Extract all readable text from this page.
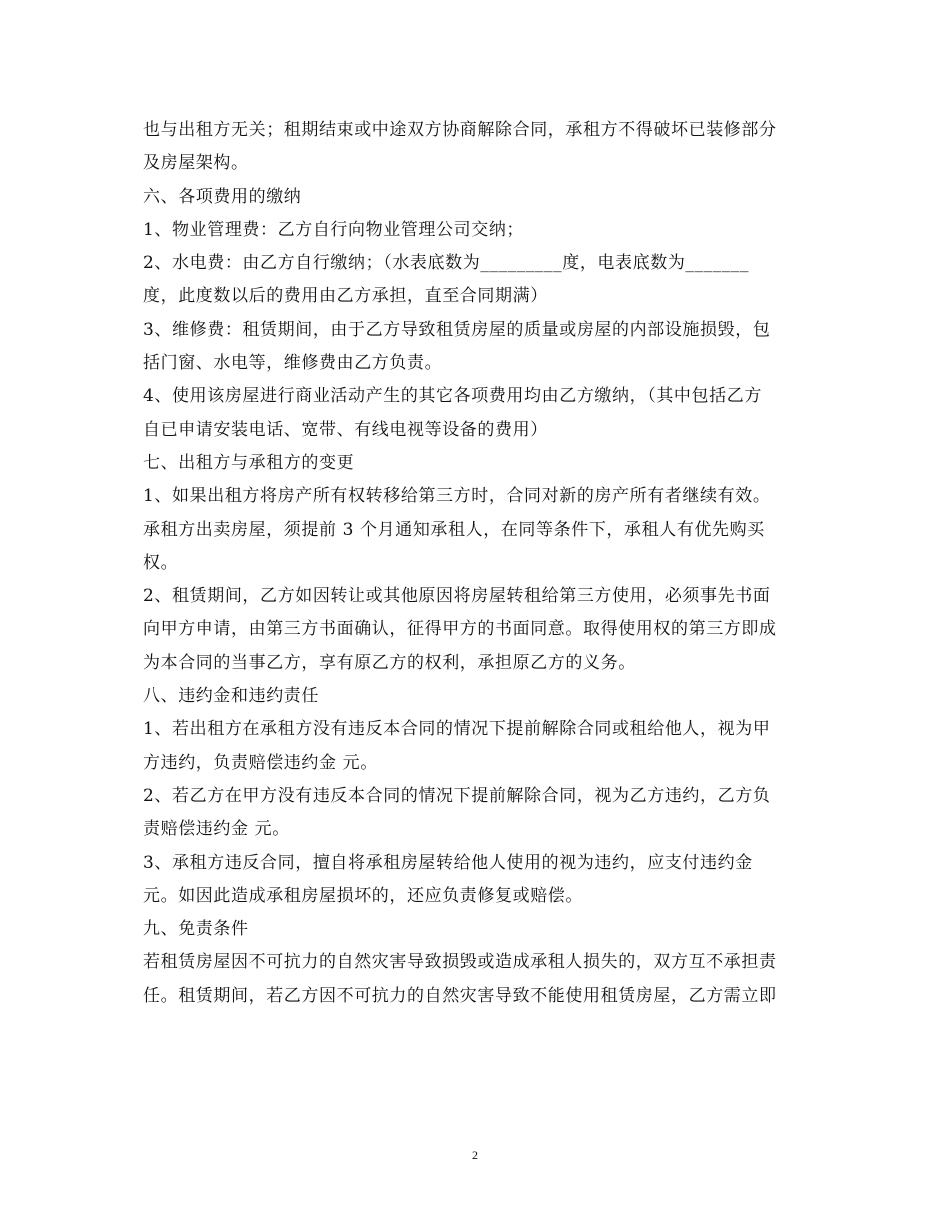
也与出租方无关；租期结束或中途双方协商解除合同，承租方不得破坏已装修部分
及房屋架构。
六、各项费用的缴纳
1、物业管理费：乙方自行向物业管理公司交纳；
2、水电费：由乙方自行缴纳；（水表底数为_________度，电表底数为_______
度，此度数以后的费用由乙方承担，直至合同期满）
3、维修费：租赁期间，由于乙方导致租赁房屋的质量或房屋的内部设施损毁，包
括门窗、水电等，维修费由乙方负责。
4、使用该房屋进行商业活动产生的其它各项费用均由乙方缴纳，（其中包括乙方
自已申请安装电话、宽带、有线电视等设备的费用）
七、出租方与承租方的变更
1、如果出租方将房产所有权转移给第三方时，合同对新的房产所有者继续有效。
承租方出卖房屋，须提前 3 个月通知承租人，在同等条件下，承租人有优先购买
权。
2、租赁期间，乙方如因转让或其他原因将房屋转租给第三方使用，必须事先书面
向甲方申请，由第三方书面确认，征得甲方的书面同意。取得使用权的第三方即成
为本合同的当事乙方，享有原乙方的权利，承担原乙方的义务。
八、违约金和违约责任
1、若出租方在承租方没有违反本合同的情况下提前解除合同或租给他人，视为甲
方违约，负责赔偿违约金 元。
2、若乙方在甲方没有违反本合同的情况下提前解除合同，视为乙方违约，乙方负
责赔偿违约金 元。
3、承租方违反合同，擅自将承租房屋转给他人使用的视为违约，应支付违约金
元。如因此造成承租房屋损坏的，还应负责修复或赔偿。
九、免责条件
若租赁房屋因不可抗力的自然灾害导致损毁或造成承租人损失的，双方互不承担责
任。租赁期间，若乙方因不可抗力的自然灾害导致不能使用租赁房屋，乙方需立即
2
